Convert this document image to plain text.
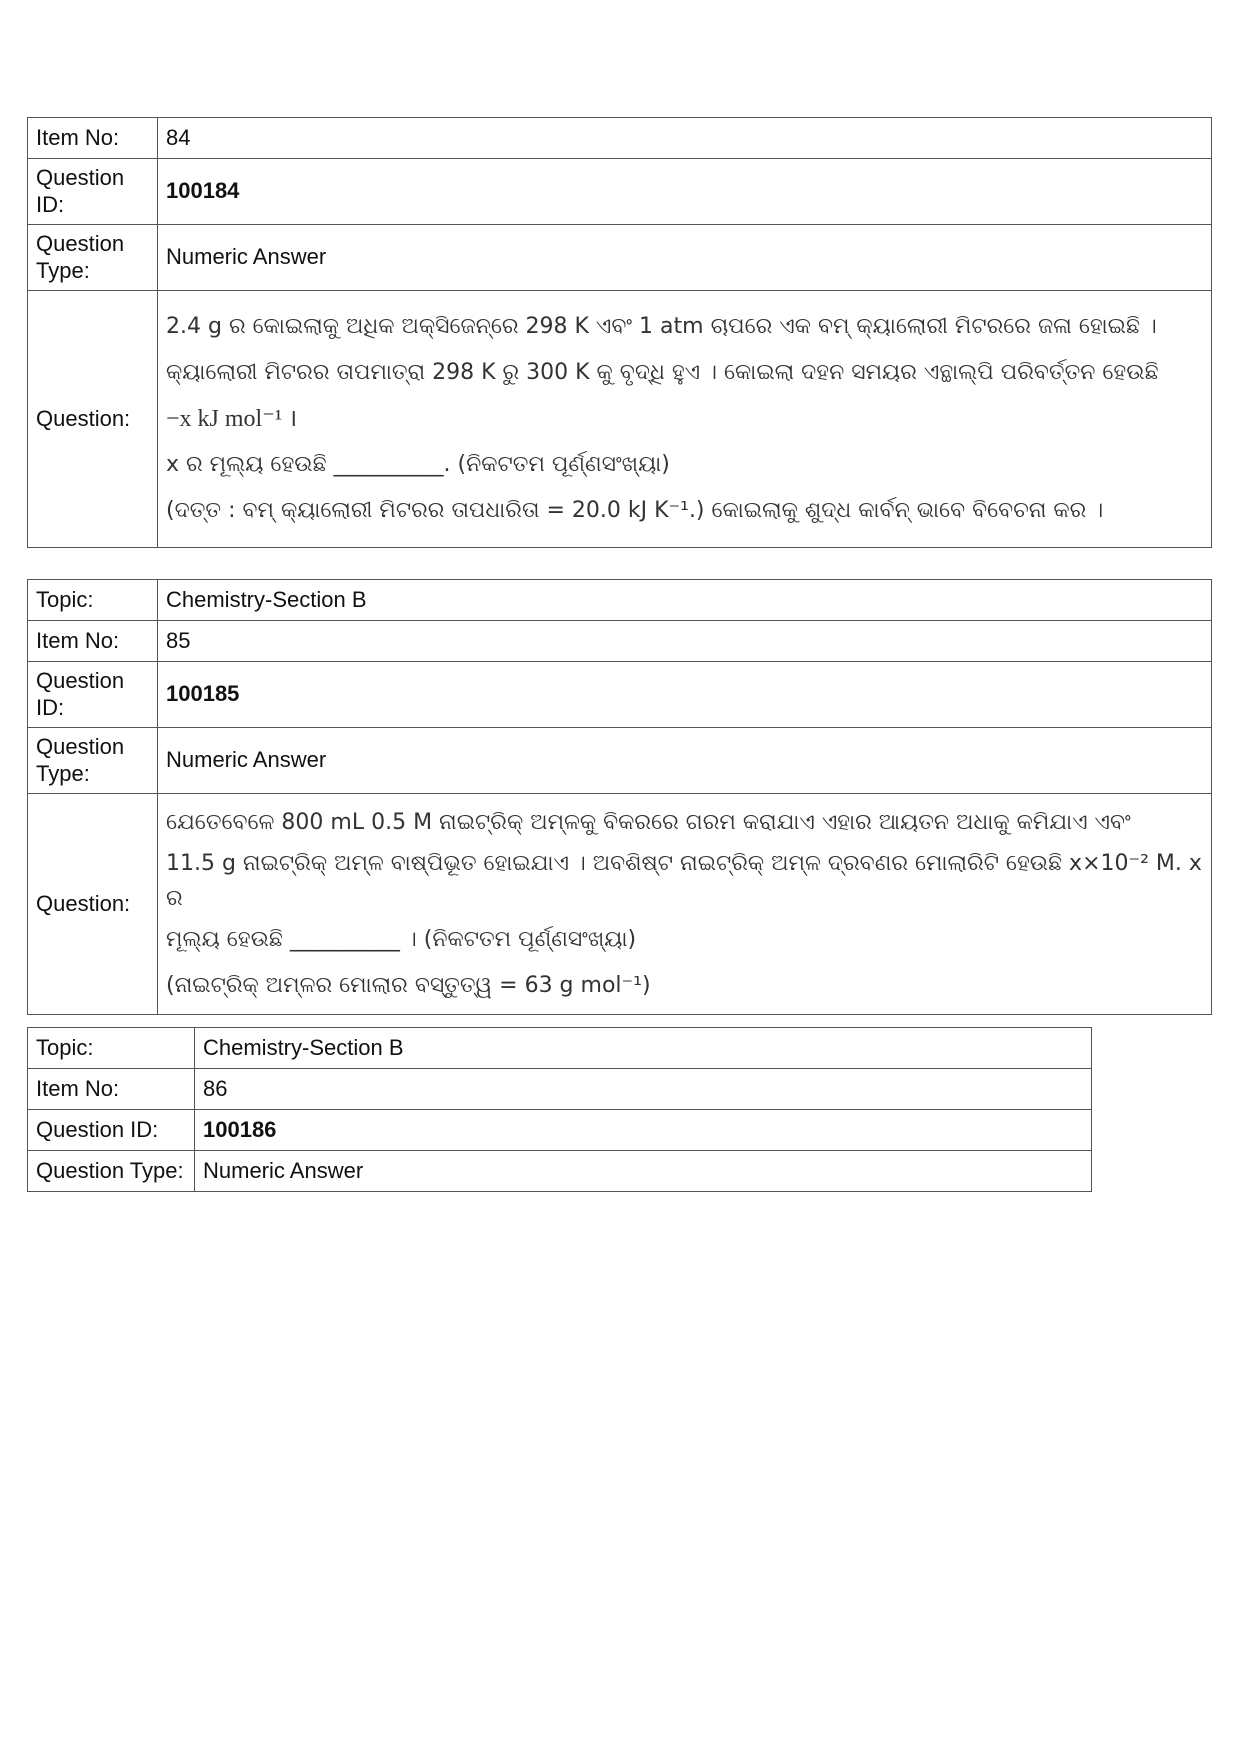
Item No:	84
Question ID:	100184
Question Type:	Numeric Answer
Question:	2.4 g ର କୋଇଲାକୁ ଅଧିକ ଅକ୍ସିଜେନ୍‌ରେ 298 K ଏବଂ 1 atm ଚାପରେ ଏକ ବମ୍ କ୍ୟାଲୋରୀ ମିଟରରେ ଜଳା ହୋଇଛି ।
କ୍ୟାଲୋରୀ ମିଟରର ତାପମାତ୍ରା 298 K ରୁ 300 K କୁ ବୃଦ୍ଧି ହୁଏ । କୋଇଲା ଦହନ ସମୟର ଏନ୍ଥାଲ୍ପି ପରିବର୍ତ୍ତନ ହେଉଛି
−x kJ mol⁻¹ ।
x ର ମୂଲ୍ୟ ହେଉଛି __________. (ନିକଟତମ ପୂର୍ଣ୍ଣସଂଖ୍ୟା)
(ଦତ୍ତ : ବମ୍ କ୍ୟାଲୋରୀ ମିଟରର ତାପଧାରିତା = 20.0 kJ K⁻¹.) କୋଇଲାକୁ ଶୁଦ୍ଧ କାର୍ବନ୍ ଭାବେ ବିବେଚନା କର ।
Topic:	Chemistry-Section B
Item No:	85
Question ID:	100185
Question Type:	Numeric Answer
Question:	ଯେତେବେଳେ 800 mL 0.5 M ନାଇଟ୍ରିକ୍ ଅମ୍ଳକୁ ବିକରରେ ଗରମ କରାଯାଏ ଏହାର ଆୟତନ ଅଧାକୁ କମିଯାଏ ଏବଂ
11.5 g ନାଇଟ୍ରିକ୍ ଅମ୍ଳ ବାଷ୍ପିଭୂତ ହୋଇଯାଏ । ଅବଶିଷ୍ଟ ନାଇଟ୍ରିକ୍ ଅମ୍ଳ ଦ୍ରବଣର ମୋଲାରିଟି ହେଉଛି x×10⁻² M. x ର
ମୂଲ୍ୟ ହେଉଛି __________ । (ନିକଟତମ ପୂର୍ଣ୍ଣସଂଖ୍ୟା)
(ନାଇଟ୍ରିକ୍ ଅମ୍ଳର ମୋଲାର ବସ୍ତୁତ୍ୱ = 63 g mol⁻¹)
Topic:	Chemistry-Section B
Item No:	86
Question ID:	100186
Question Type:	Numeric Answer
